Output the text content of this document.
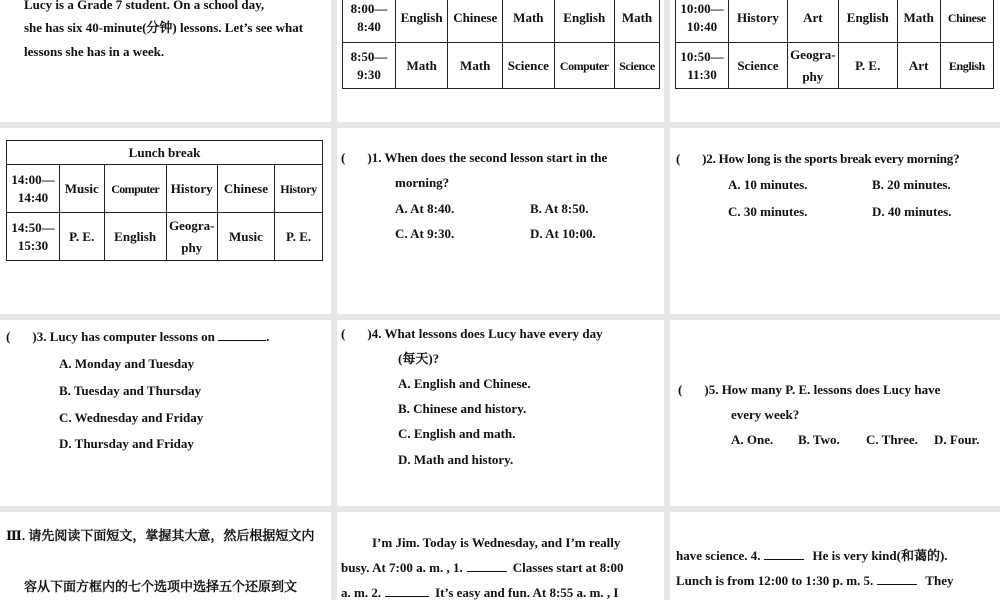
Lucy is a Grade 7 student. On a school day,
she has six 40-minute(分钟) lessons. Let’s see what
lessons she has in a week.
8:00—
8:40	English	Chinese	Math	English	Math
8:50—
9:30	Math	Math	Science	Computer	Science
10:00—
10:40	History	Art	English	Math	Chinese
10:50—
11:30	Science	Geogra-phy	P. E.	Art	English
Lunch break					
14:00—
14:40	Music	Computer	History	Chinese	History
14:50—
15:30	P. E.	English	Geogra-phy	Music	P. E.
( )1. When does the second lesson start in the
morning?
A. At 8:40.	B. At 8:50.
C. At 9:30.	D. At 10:00.
( )2. How long is the sports break every morning?
A. 10 minutes.	B. 20 minutes.
C. 30 minutes.	D. 40 minutes.
( )3. Lucy has computer lessons on	.
A. Monday and Tuesday
B. Tuesday and Thursday
C. Wednesday and Friday
D. Thursday and Friday
( )4. What lessons does Lucy have every day
(每天)?
A. English and Chinese.
B. Chinese and history.
C. English and math.
D. Math and history.
( )5. How many P. E. lessons does Lucy have
every week?
A. One. B. Two. C. Three. D. Four.
Ⅲ. 请先阅读下面短文，掌握其大意，然后根据短文内
容从下面方框内的七个选项中选择五个还原到文
I’m Jim. Today is Wednesday, and I’m really
busy. At 7:00 a. m. , 1.	Classes start at 8:00
a. m. 2.	It’s easy and fun. At 8:55 a. m. , I
have science. 4.	He is very kind(和蔼的).
Lunch is from 12:00 to 1:30 p. m. 5.	They
